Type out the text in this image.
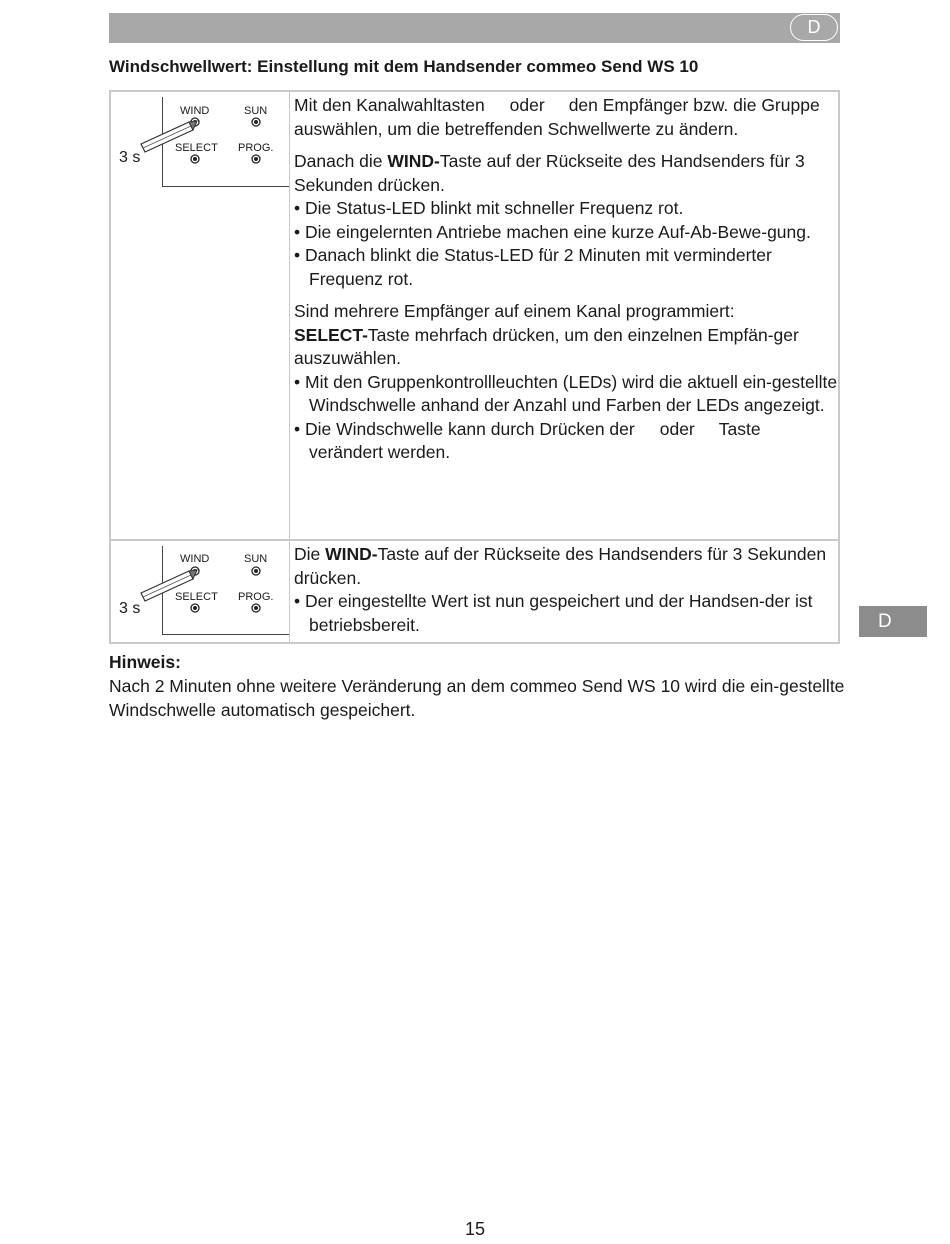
D
Windschwellwert: Einstellung mit dem Handsender commeo Send WS 10
3 s
WIND	SUN
SELECT PROG.

Mit den Kanalwahltasten oder den Empfänger bzw. die Gruppe auswählen, um die betreffenden Schwellwerte zu ändern.

Danach die WIND-Taste auf der Rückseite des Handsenders für 3 Sekunden drücken.

• Die Status-LED blinkt mit schneller Frequenz rot.

• Die eingelernten Antriebe machen eine kurze Auf-Ab-Bewe-gung.

• Danach blinkt die Status-LED für 2 Minuten mit verminderter Frequenz rot.

Sind mehrere Empfänger auf einem Kanal programmiert:
SELECT-Taste mehrfach drücken, um den einzelnen Empfän-ger auszuwählen.

• Mit den Gruppenkontrollleuchten (LEDs) wird die aktuell ein-gestellte Windschwelle anhand der Anzahl und Farben der LEDs angezeigt.

• Die Windschwelle kann durch Drücken der oder Taste verändert werden.

3 s
WIND	SUN
SELECT PROG.

Die WIND-Taste auf der Rückseite des Handsenders für 3 Sekunden drücken.

• Der eingestellte Wert ist nun gespeichert und der Handsen-der ist betriebsbereit.	D
Hinweis:
Nach 2 Minuten ohne weitere Veränderung an dem commeo Send WS 10 wird die ein-gestellte Windschwelle automatisch gespeichert.
15
